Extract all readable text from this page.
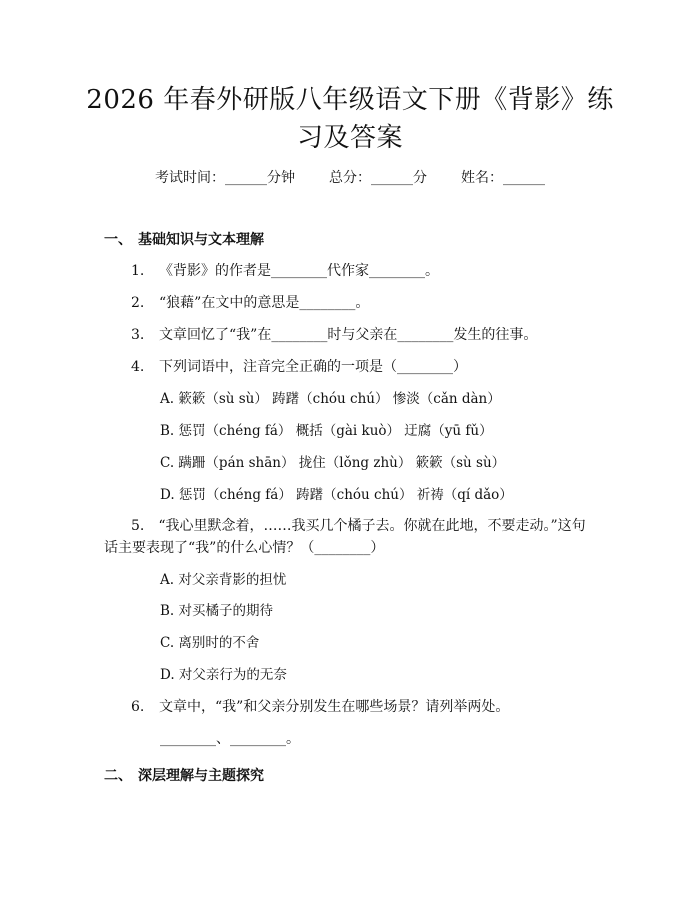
2026 年春外研版八年级语文下册《背影》练
习及答案
考试时间：______分钟 总分：______分 姓名：______
一、 基础知识与文本理解
1. 《背影》的作者是________代作家________。
2. “狼藉”在文中的意思是________。
3. 文章回忆了“我”在________时与父亲在________发生的往事。
4. 下列词语中，注音完全正确的一项是（________）
A. 簌簌（sù sù） 踌躇（chóu chú） 惨淡（cǎn dàn）
B. 惩罚（chéng fá） 概括（gài kuò） 迂腐（yū fǔ）
C. 蹒跚（pán shān） 拢住（lǒng zhù） 簌簌（sù sù）
D. 惩罚（chéng fá） 踌躇（chóu chú） 祈祷（qí dǎo）
5.　“我心里默念着，……我买几个橘子去。你就在此地，不要走动。”这句
话主要表现了“我”的什么心情？（________）
A. 对父亲背影的担忧
B. 对买橘子的期待
C. 离别时的不舍
D. 对父亲行为的无奈
6. 文章中，“我”和父亲分别发生在哪些场景？请列举两处。
________、________。
二、 深层理解与主题探究
